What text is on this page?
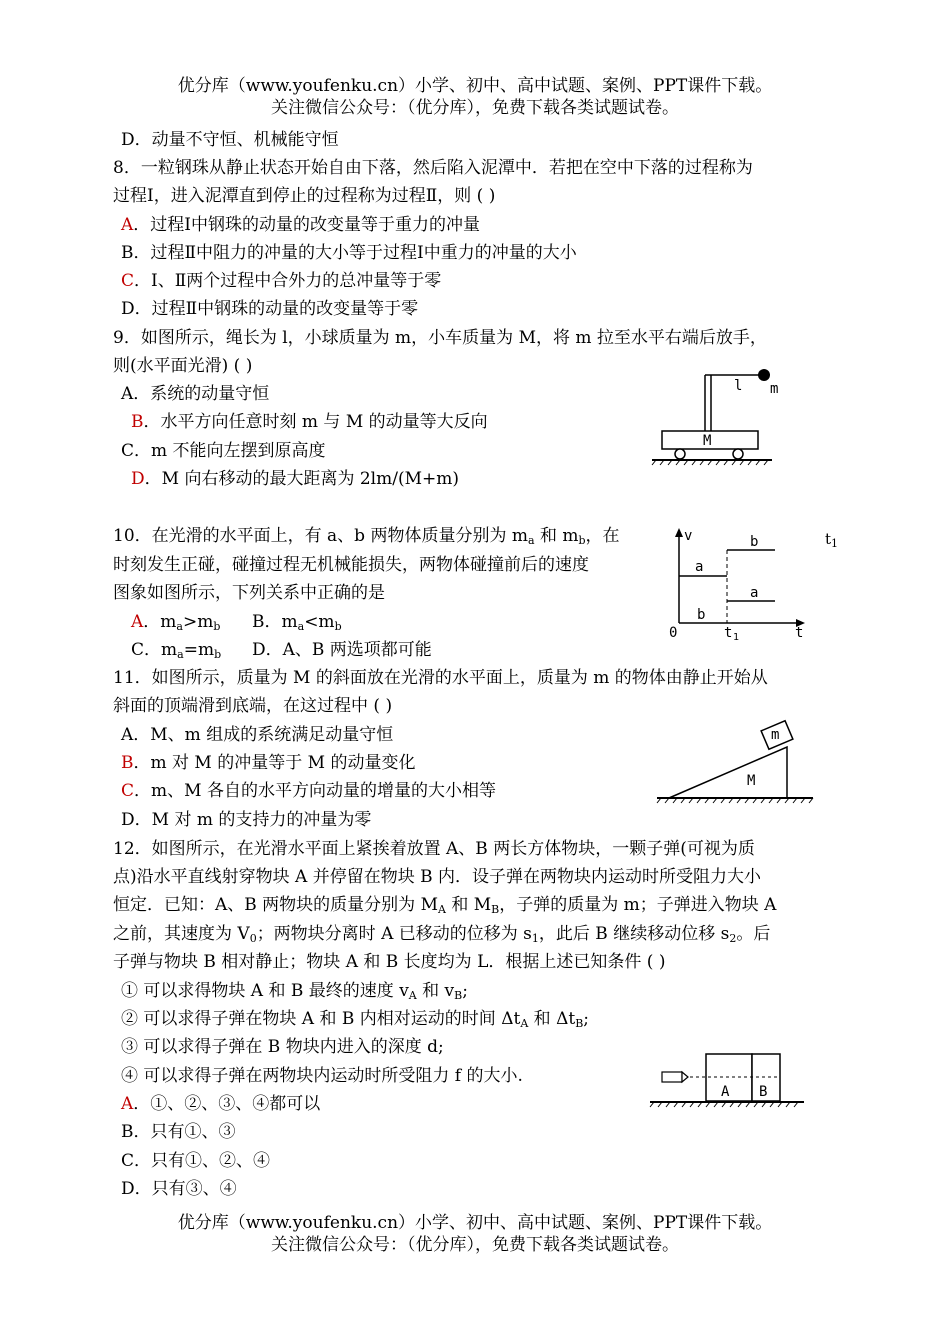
优分库（www.youfenku.cn）小学、初中、高中试题、案例、PPT课件下载。
关注微信公众号：（优分库），免费下载各类试题试卷。
D．动量不守恒、机械能守恒
8．一粒钢珠从静止状态开始自由下落，然后陷入泥潭中．若把在空中下落的过程称为
过程Ⅰ，进入泥潭直到停止的过程称为过程Ⅱ，则 ( )
A．过程Ⅰ中钢珠的动量的改变量等于重力的冲量
B．过程Ⅱ中阻力的冲量的大小等于过程Ⅰ中重力的冲量的大小
C．Ⅰ、Ⅱ两个过程中合外力的总冲量等于零
D．过程Ⅱ中钢珠的动量的改变量等于零
9．如图所示，绳长为 l，小球质量为 m，小车质量为 M，将 m 拉至水平右端后放手，
则(水平面光滑) ( )
A．系统的动量守恒
B．水平方向任意时刻 m 与 M 的动量等大反向
C．m 不能向左摆到原高度
D．M 向右移动的最大距离为 2lm/(M+m)
l m
M
10．在光滑的水平面上，有 a、b 两物体质量分别为 $m_a$ 和 $m_b$，在	$t_1$
时刻发生正碰，碰撞过程无机械能损失，两物体碰撞前后的速度
图象如图所示，下列关系中正确的是
A．$m_a>m_b$ B．$m_a<m_b$
C．$m_a=m_b$ D．A、B 两选项都可能
v
0	t
t 1
a
b
a
b
11．如图所示，质量为 M 的斜面放在光滑的水平面上，质量为 m 的物体由静止开始从
斜面的顶端滑到底端，在这过程中 ( )
A．M、m 组成的系统满足动量守恒
B．m 对 M 的冲量等于 M 的动量变化
C．m、M 各自的水平方向动量的增量的大小相等
D．M 对 m 的支持力的冲量为零
m
M
12．如图所示，在光滑水平面上紧挨着放置 A、B 两长方体物块，一颗子弹(可视为质
点)沿水平直线射穿物块 A 并停留在物块 B 内．设子弹在两物块内运动时所受阻力大小
恒定．已知：A、B 两物块的质量分别为 $M_A$ 和 $M_B$，子弹的质量为 m；子弹进入物块 A
之前，其速度为 $V_0$；两物块分离时 A 已移动的位移为 $s_1$，此后 B 继续移动位移 $s_2$。后
子弹与物块 B 相对静止；物块 A 和 B 长度均为 L．根据上述已知条件 ( )
① 可以求得物块 A 和 B 最终的速度 $v_A$ 和 $v_B$;
② 可以求得子弹在物块 A 和 B 内相对运动的时间 $\Delta t_A$ 和 $\Delta t_B$;
③ 可以求得子弹在 B 物块内进入的深度 d;
④ 可以求得子弹在两物块内运动时所受阻力 f 的大小.
A．①、②、③、④都可以
B．只有①、③
C．只有①、②、④
D．只有③、④
A B
优分库（www.youfenku.cn）小学、初中、高中试题、案例、PPT课件下载。
关注微信公众号：（优分库），免费下载各类试题试卷。
